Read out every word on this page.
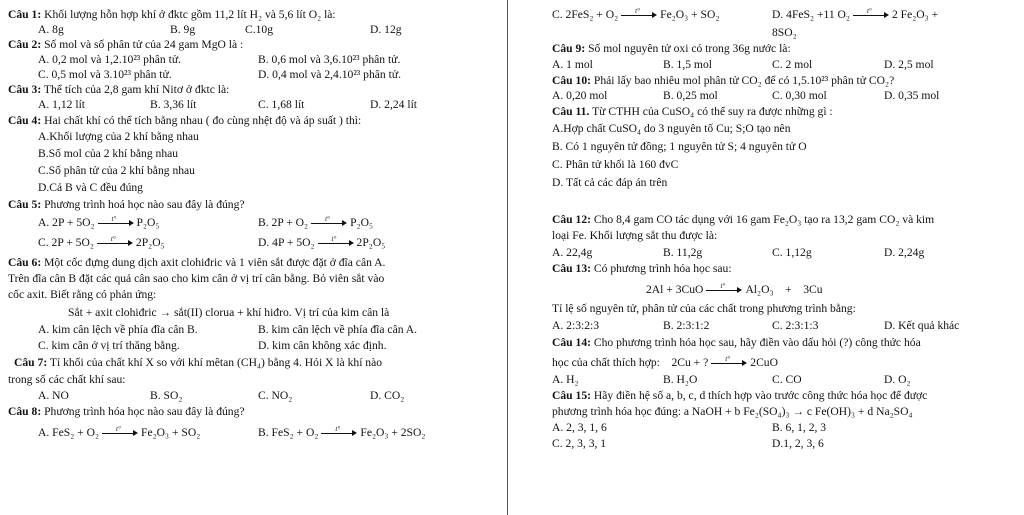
Câu 1: Khối lượng hỗn hợp khí ở đktc gồm 11,2 lít H₂ và 5,6 lít O₂ là:
A. 8g	B. 9g	C.10g	D. 12g
Câu 2: Số mol và số phân tử của 24 gam MgO là :
A. 0,2 mol và 1,2.10²³ phân tử.	B. 0,6 mol và 3,6.10²³ phân tử.
C. 0,5 mol và 3.10²³ phân tử.	D. 0,4 mol và 2,4.10²³ phân tử.
Câu 3: Thể tích của 2,8 gam khí Nitơ ở đktc là:
A. 1,12 lít	B. 3,36 lít	C. 1,68 lít	D. 2,24 lít
Câu 4: Hai chất khí có thể tích bằng nhau ( đo cùng nhệt độ và áp suất ) thì:
A.Khối lượng của 2 khí bằng nhau
B.Số mol của 2 khí bằng nhau
C.Số phân tử của 2 khí bằng nhau
D.Cả B và C đều đúng
Câu 5: Phương trình hoá học nào sau đây là đúng?
A. 2P + 5O₂ t° P₂O₅	B. 2P + O₂ t° P₂O₅
C. 2P + 5O₂ t° 2P₂O₅	D. 4P + 5O₂ t° 2P₂O₅
Câu 6: Một cốc đựng dung dịch axit clohiđric và 1 viên sắt được đặt ở đĩa cân A.
Trên đĩa cân B đặt các quả cân sao cho kim cân ở vị trí cân bằng. Bỏ viên sắt vào
cốc axit. Biết rằng có phản ứng:
Sắt + axit clohiđric → sắt(II) clorua + khí hiđro. Vị trí của kim cân là
A. kim cân lệch về phía đĩa cân B.	B. kim cân lệch về phía đĩa cân A.
C. kim cân ở vị trí thăng bằng.	D. kim cân không xác định.
Câu 7: Tỉ khối của chất khí X so với khí mêtan (CH₄) bằng 4. Hỏi X là khí nào
trong số các chất khí sau:
A. NO	B. SO₂	C. NO₂	D. CO₂
Câu 8: Phương trình hóa học nào sau đây là đúng?
A. FeS₂ + O₂ t° Fe₂O₃ + SO₂	B. FeS₂ + O₂ t° Fe₂O₃ + 2SO₂
C. 2FeS₂ + O₂ t° Fe₂O₃ + SO₂	D. 4FeS₂ +11 O₂ t° 2 Fe₂O₃ +
8SO₂
Câu 9: Số mol nguyên tử oxi có trong 36g nước là:
A. 1 mol	B. 1,5 mol	C. 2 mol	D. 2,5 mol
Câu 10: Phải lấy bao nhiêu mol phân tử CO₂ để có 1,5.10²³ phân tử CO₂?
A. 0,20 mol	B. 0,25 mol	C. 0,30 mol	D. 0,35 mol
Câu 11. Từ CTHH của CuSO₄ có thể suy ra được những gì :
A.Hợp chất CuSO₄ do 3 nguyên tố Cu; S;O tạo nên
B. Có 1 nguyên tử đồng; 1 nguyên tử S; 4 nguyên tử O
C. Phân tử khối là 160 đvC
D. Tất cả các đáp án trên
Câu 12: Cho 8,4 gam CO tác dụng với 16 gam Fe₂O₃ tạo ra 13,2 gam CO₂ và kim
loại Fe. Khối lượng sắt thu được là:
A. 22,4g	B. 11,2g	C. 1,12g	D. 2,24g
Câu 13: Có phương trình hóa học sau:
2Al + 3CuO t° Al₂O₃ + 3Cu
Tỉ lệ số nguyên tử, phân tử của các chất trong phương trình bằng:
A. 2:3:2:3	B. 2:3:1:2	C. 2:3:1:3	D. Kết quả khác
Câu 14: Cho phương trình hóa học sau, hãy điền vào dấu hỏi (?) công thức hóa
học của chất thích hợp: 2Cu + ? t° 2CuO
A. H₂	B. H₂O	C. CO	D. O₂
Câu 15: Hãy điền hệ số a, b, c, d thích hợp vào trước công thức hóa học để được
phương trình hóa học đúng: a NaOH + b Fe₂(SO₄)₃ → c Fe(OH)₃ + d Na₂SO₄
A. 2, 3, 1, 6	B. 6, 1, 2, 3
C. 2, 3, 3, 1	D.1, 2, 3, 6
